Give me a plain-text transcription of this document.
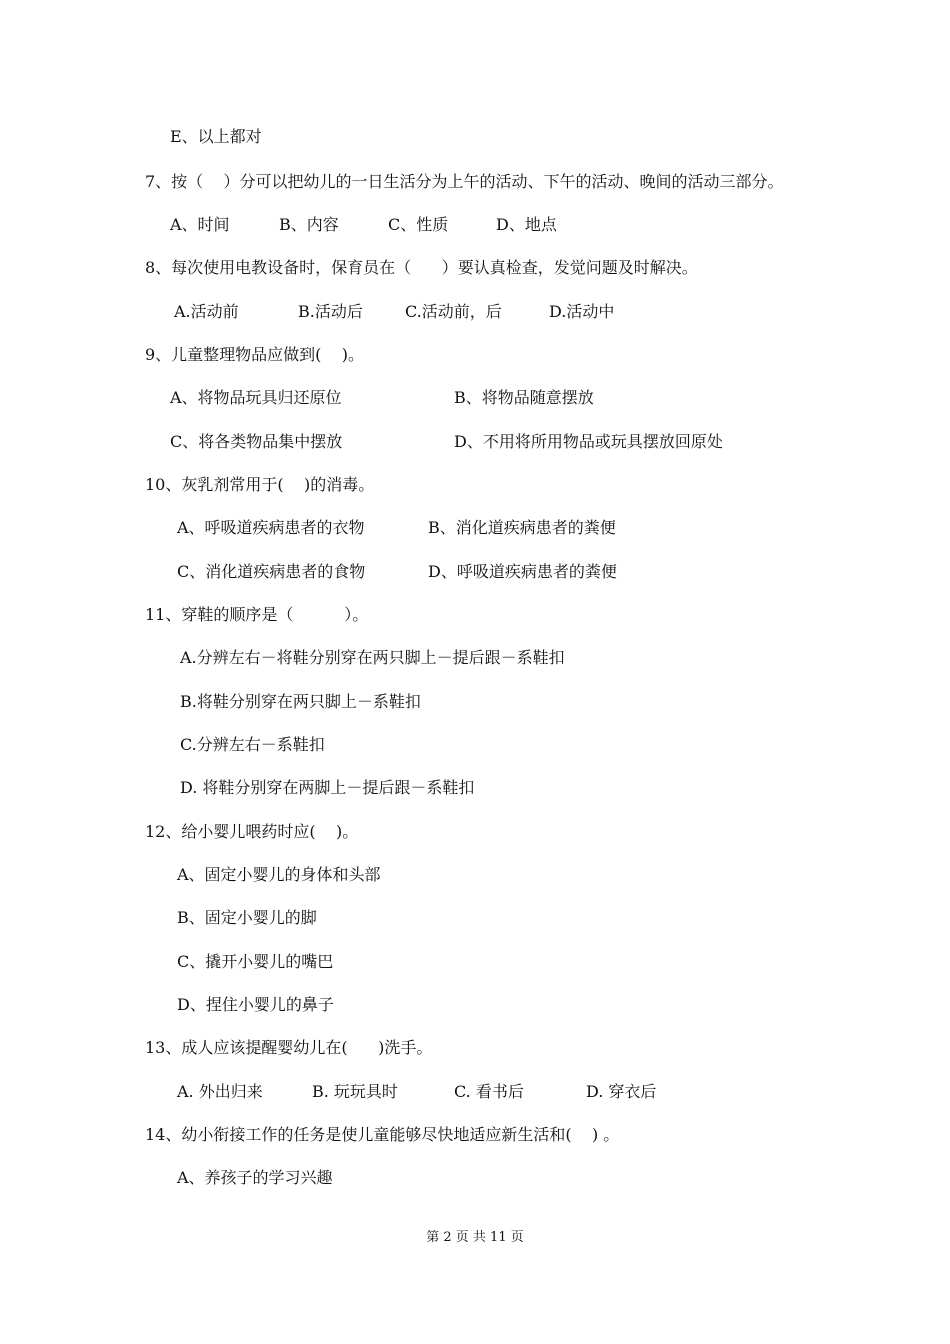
E、以上都对
7、按（    ）分可以把幼儿的一日生活分为上午的活动、下午的活动、晚间的活动三部分。
A、时间	B、内容	C、性质	D、地点
8、每次使用电教设备时，保育员在（      ）要认真检查，发觉问题及时解决。
A.活动前	B.活动后	C.活动前，后	D.活动中
9、儿童整理物品应做到(    )。
A、将物品玩具归还原位	B、将物品随意摆放
C、将各类物品集中摆放	D、不用将所用物品或玩具摆放回原处
10、灰乳剂常用于(    )的消毒。
A、呼吸道疾病患者的衣物	B、消化道疾病患者的粪便
C、消化道疾病患者的食物	D、呼吸道疾病患者的粪便
11、穿鞋的顺序是（          ）。
A.分辨左右－将鞋分别穿在两只脚上－提后跟－系鞋扣
B.将鞋分别穿在两只脚上－系鞋扣
C.分辨左右－系鞋扣
D. 将鞋分别穿在两脚上－提后跟－系鞋扣
12、给小婴儿喂药时应(    )。
A、固定小婴儿的身体和头部
B、固定小婴儿的脚
C、撬开小婴儿的嘴巴
D、捏住小婴儿的鼻子
13、成人应该提醒婴幼儿在(      )洗手。
A. 外出归来	B. 玩玩具时	C. 看书后	D. 穿衣后
14、幼小衔接工作的任务是使儿童能够尽快地适应新生活和(    ) 。
A、养孩子的学习兴趣
第 2 页 共 11 页
